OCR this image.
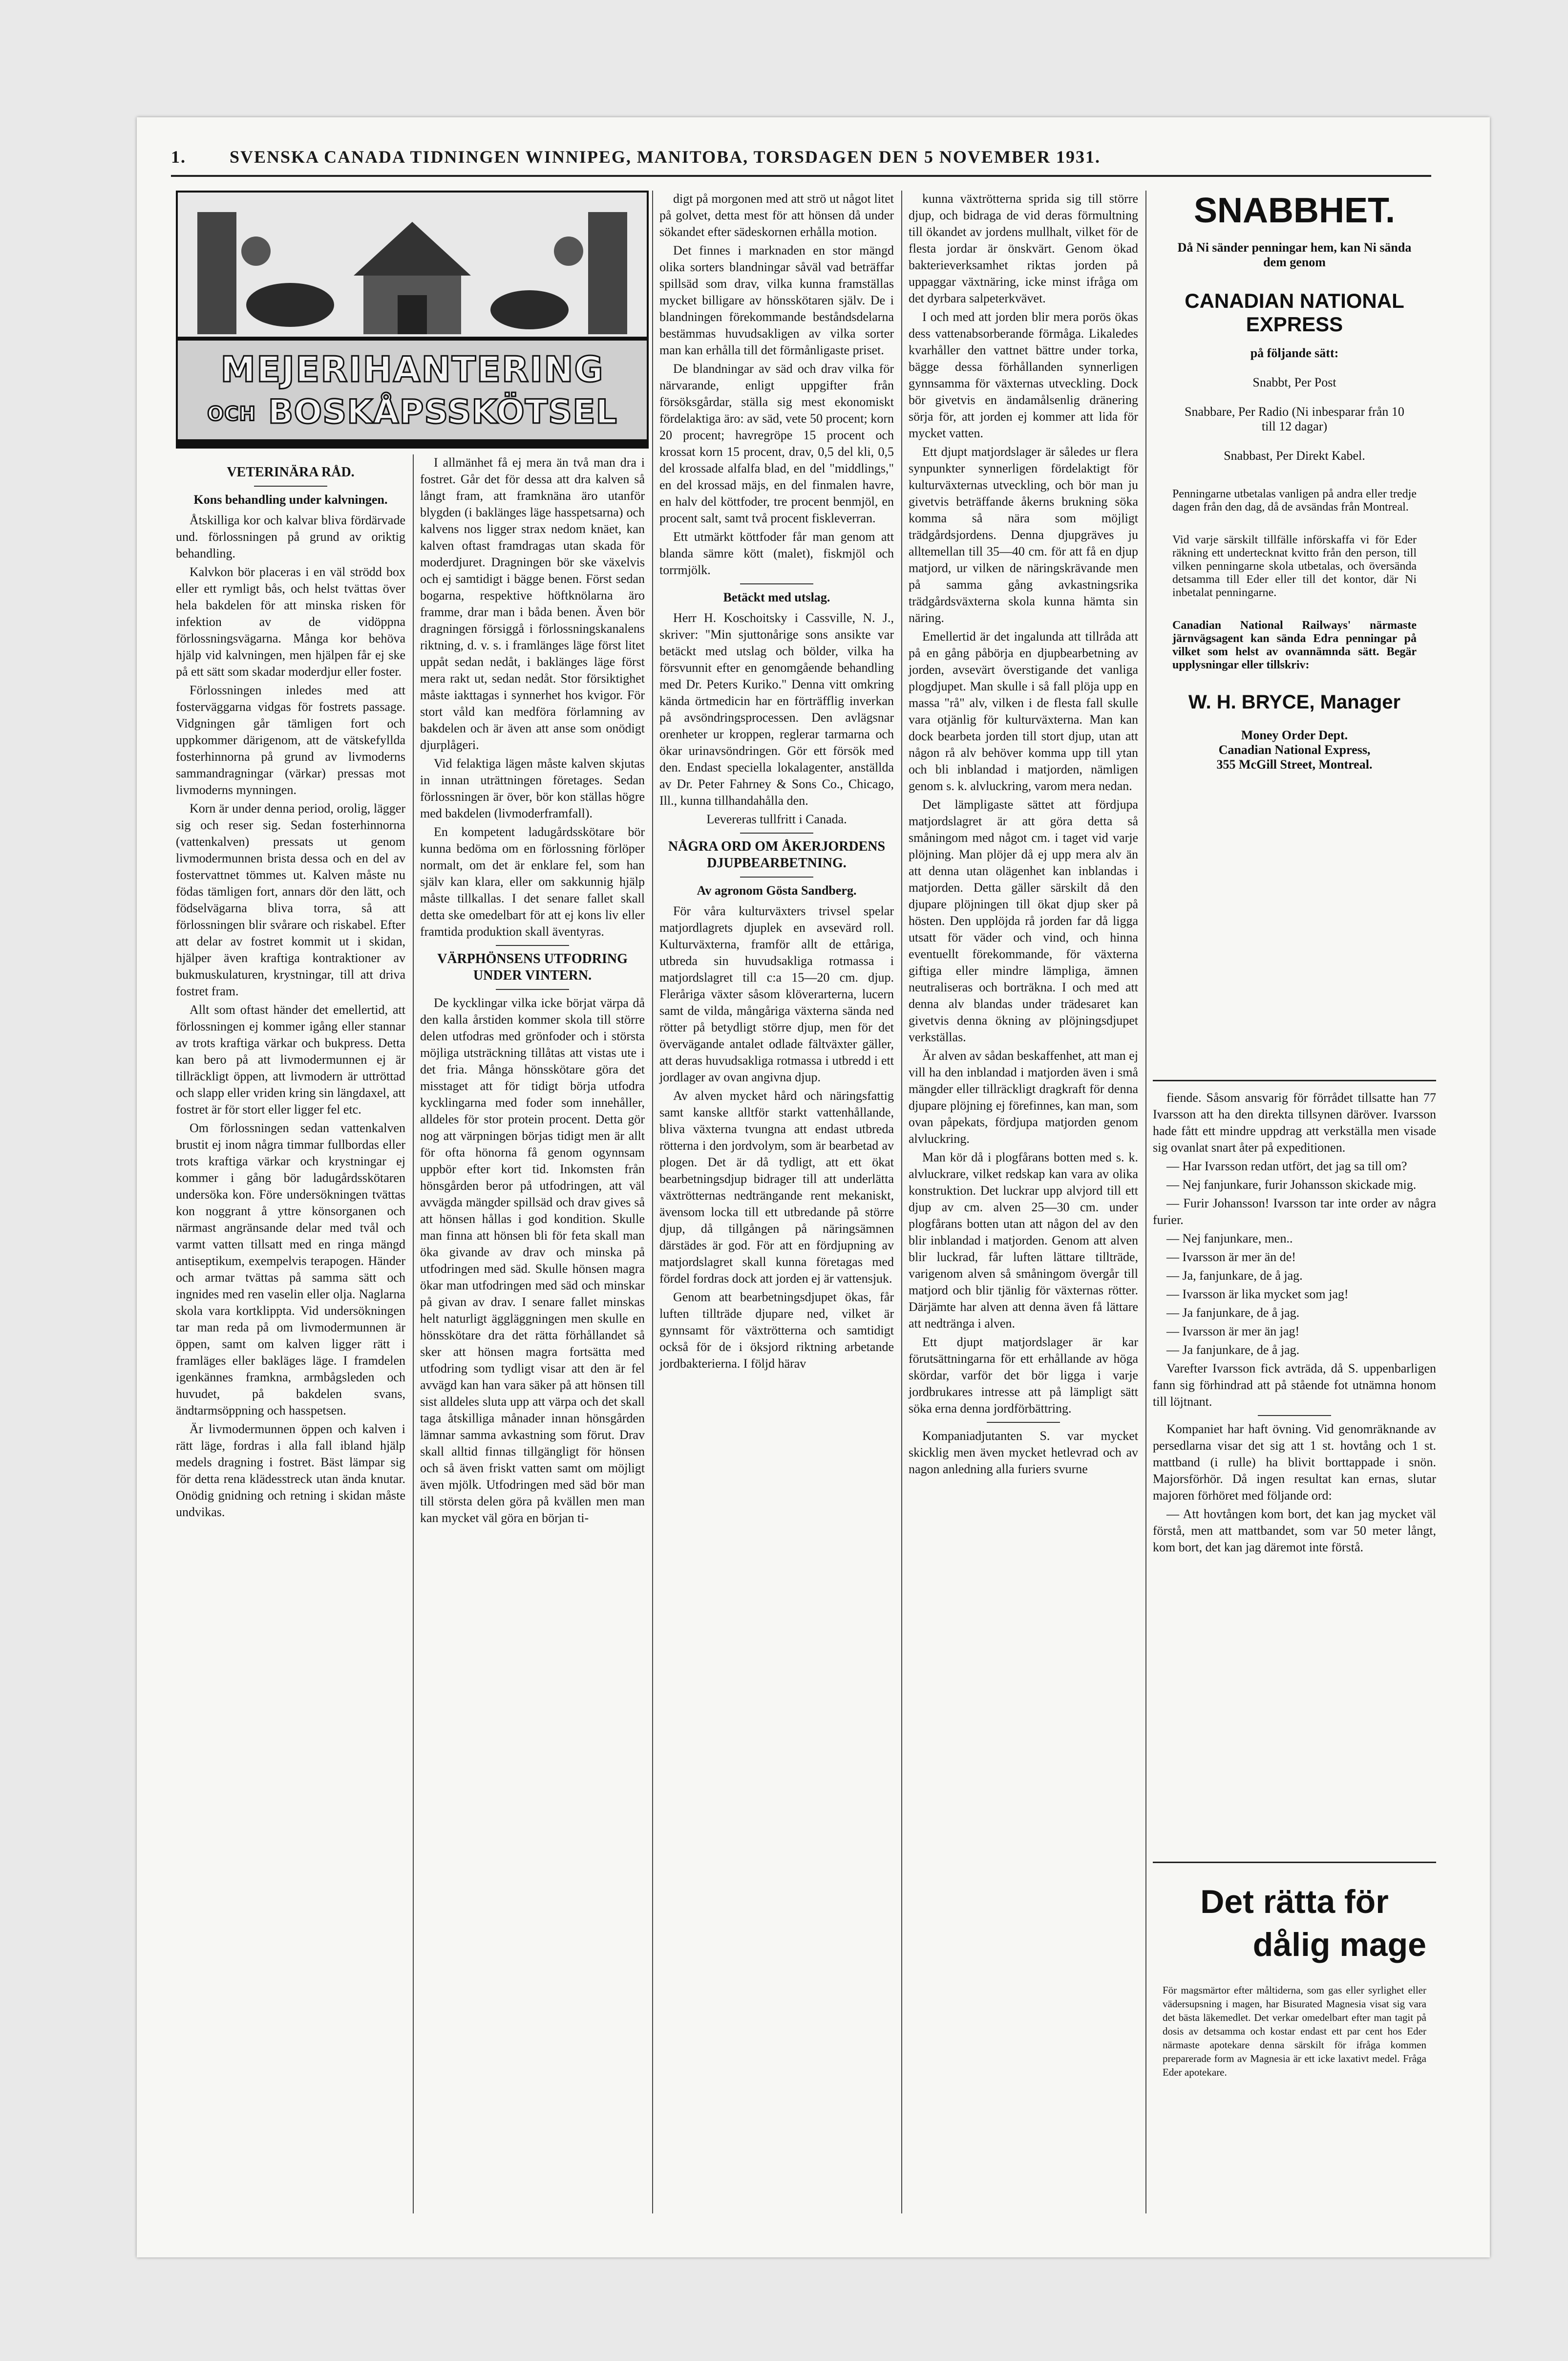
1. SVENSKA CANADA TIDNINGEN WINNIPEG, MANITOBA, TORSDAGEN DEN 5 NOVEMBER 1931.
MEJERIHANTERING
OCH BOSKÅPSSKÖTSEL
VETERINÄRA RÅD.
Kons behandling under kalvningen.

Åtskilliga kor och kalvar bliva fördärvade und. förlossningen på grund av oriktig behandling.

Kalvkon bör placeras i en väl strödd box eller ett rymligt bås, och helst tvättas över hela bakdelen för att minska risken för infektion av de vidöppna förlossningsvägarna. Många kor behöva hjälp vid kalvningen, men hjälpen får ej ske på ett sätt som skadar moderdjur eller foster.

Förlossningen inledes med att fosterväggarna vidgas för fostrets passage. Vidgningen går tämligen fort och uppkommer därigenom, att de vätskefyllda fosterhinnorna på grund av livmoderns sammandragningar (värkar) pressas mot livmoderns mynningen.

Korn är under denna period, orolig, lägger sig och reser sig. Sedan fosterhinnorna (vattenkalven) pressats ut genom livmodermunnen brista dessa och en del av fostervattnet tömmes ut. Kalven måste nu födas tämligen fort, annars dör den lätt, och födselvägarna bliva torra, så att förlossningen blir svårare och riskabel. Efter att delar av fostret kommit ut i skidan, hjälper även kraftiga kontraktioner av bukmuskulaturen, krystningar, till att driva fostret fram.

Allt som oftast händer det emellertid, att förlossningen ej kommer igång eller stannar av trots kraftiga värkar och bukpress. Detta kan bero på att livmodermunnen ej är tillräckligt öppen, att livmodern är uttröttad och slapp eller vriden kring sin längdaxel, att fostret är för stort eller ligger fel etc.

Om förlossningen sedan vattenkalven brustit ej inom några timmar fullbordas eller trots kraftiga värkar och krystningar ej kommer i gång bör ladugårdsskötaren undersöka kon. Före undersökningen tvättas kon noggrant å yttre könsorganen och närmast angränsande delar med tvål och varmt vatten tillsatt med en ringa mängd antiseptikum, exempelvis terapogen. Händer och armar tvättas på samma sätt och ingnides med ren vaselin eller olja. Naglarna skola vara kortklippta. Vid undersökningen tar man reda på om livmodermunnen är öppen, samt om kalven ligger rätt i framläges eller bakläges läge. I framdelen igenkännes framkna, armbågsleden och huvudet, på bakdelen svans, ändtarmsöppning och hasspetsen.

Är livmodermunnen öppen och kalven i rätt läge, fordras i alla fall ibland hjälp medels dragning i fostret. Bäst lämpar sig för detta rena klädesstreck utan ända knutar. Onödig gnidning och retning i skidan måste undvikas.

I allmänhet få ej mera än två man dra i fostret. Går det för dessa att dra kalven så långt fram, att framknäna äro utanför blygden (i baklänges läge hasspetsarna) och kalvens nos ligger strax nedom knäet, kan kalven oftast framdragas utan skada för moderdjuret. Dragningen bör ske växelvis och ej samtidigt i bägge benen. Först sedan bogarna, respektive höftknölarna äro framme, drar man i båda benen. Även bör dragningen försiggå i förlossningskanalens riktning, d. v. s. i framlänges läge först litet uppåt sedan nedåt, i baklänges läge först mera rakt ut, sedan nedåt. Stor försiktighet måste iakttagas i synnerhet hos kvigor. För stort våld kan medföra förlamning av bakdelen och är även att anse som onödigt djurplågeri.

Vid felaktiga lägen måste kalven skjutas in innan uträttningen företages. Sedan förlossningen är över, bör kon ställas högre med bakdelen (livmoderframfall).

En kompetent ladugårdsskötare bör kunna bedöma om en förlossning förlöper normalt, om det är enklare fel, som han själv kan klara, eller om sakkunnig hjälp måste tillkallas. I det senare fallet skall detta ske omedelbart för att ej kons liv eller framtida produktion skall äventyras.

VÄRPHÖNSENS UTFODRING UNDER VINTERN.

De kycklingar vilka icke börjat värpa då den kalla årstiden kommer skola till större delen utfodras med grönfoder och i största möjliga utsträckning tillåtas att vistas ute i det fria. Många hönsskötare göra det misstaget att för tidigt börja utfodra kycklingarna med foder som innehåller, alldeles för stor protein procent. Detta gör nog att värpningen börjas tidigt men är allt för ofta hönorna få genom ogynnsam uppbör efter kort tid. Inkomsten från hönsgården beror på utfodringen, att väl avvägda mängder spillsäd och drav gives så att hönsen hållas i god kondition. Skulle man finna att hönsen bli för feta skall man öka givande av drav och minska på utfodringen med säd. Skulle hönsen magra ökar man utfodringen med säd och minskar på givan av drav. I senare fallet minskas helt naturligt äggläggningen men skulle en hönsskötare dra det rätta förhållandet så sker att hönsen magra fortsätta med utfodring som tydligt visar att den är fel avvägd kan han vara säker på att hönsen till sist alldeles sluta upp att värpa och det skall taga åtskilliga månader innan hönsgården lämnar samma avkastning som förut. Drav skall alltid finnas tillgängligt för hönsen och så även friskt vatten samt om möjligt även mjölk. Utfodringen med säd bör man till största delen göra på kvällen men man kan mycket väl göra en början ti-

digt på morgonen med att strö ut något litet på golvet, detta mest för att hönsen då under sökandet efter sädeskornen erhålla motion.

Det finnes i marknaden en stor mängd olika sorters blandningar såväl vad beträffar spillsäd som drav, vilka kunna framställas mycket billigare av hönsskötaren själv. De i blandningen förekommande beståndsdelarna bestämmas huvudsakligen av vilka sorter man kan erhålla till det förmånligaste priset.

De blandningar av säd och drav vilka för närvarande, enligt uppgifter från försöksgårdar, ställa sig mest ekonomiskt fördelaktiga äro: av säd, vete 50 procent; korn 20 procent; havregröpe 15 procent och krossat korn 15 procent, drav, 0,5 del kli, 0,5 del krossade alfalfa blad, en del "middlings," en del krossad mäjs, en del finmalen havre, en halv del köttfoder, tre procent benmjöl, en procent salt, samt två procent fiskleverran.

Ett utmärkt köttfoder får man genom att blanda sämre kött (malet), fiskmjöl och torrmjölk.

Betäckt med utslag.

Herr H. Koschoitsky i Cassville, N. J., skriver: "Min sjuttonårige sons ansikte var betäckt med utslag och bölder, vilka ha försvunnit efter en genomgående behandling med Dr. Peters Kuriko." Denna vitt omkring kända örtmedicin har en förträfflig inverkan på avsöndringsprocessen. Den avlägsnar orenheter ur kroppen, reglerar tarmarna och ökar urinavsöndringen. Gör ett försök med den. Endast speciella lokalagenter, anställda av Dr. Peter Fahrney & Sons Co., Chicago, Ill., kunna tillhandahålla den.

Levereras tullfritt i Canada.

NÅGRA ORD OM ÅKERJORDENS DJUPBEARBETNING.
Av agronom Gösta Sandberg.

För våra kulturväxters trivsel spelar matjordlagrets djuplek en avsevärd roll. Kulturväxterna, framför allt de ettåriga, utbreda sin huvudsakliga rotmassa i matjordslagret till c:a 15—20 cm. djup. Fleråriga växter såsom klöverarterna, lucern samt de vilda, mångåriga växterna sända ned rötter på betydligt större djup, men för det övervägande antalet odlade fältväxter gäller, att deras huvudsakliga rotmassa i utbredd i ett jordlager av ovan angivna djup.

Av alven mycket hård och näringsfattig samt kanske alltför starkt vattenhållande, bliva växterna tvungna att endast utbreda rötterna i den jordvolym, som är bearbetad av plogen. Det är då tydligt, att ett ökat bearbetningsdjup bidrager till att underlätta växtrötternas nedträngande rent mekaniskt, ävensom locka till ett utbredande på större djup, då tillgången på näringsämnen därstädes är god. För att en fördjupning av matjordslagret skall kunna företagas med fördel fordras dock att jorden ej är vattensjuk.

Genom att bearbetningsdjupet ökas, får luften tillträde djupare ned, vilket är gynnsamt för växtrötterna och samtidigt också för de i öksjord riktning arbetande jordbakterierna. I följd härav

kunna växtrötterna sprida sig till större djup, och bidraga de vid deras förmultning till ökandet av jordens mullhalt, vilket för de flesta jordar är önskvärt. Genom ökad bakterieverksamhet riktas jorden på uppaggar växtnäring, icke minst ifråga om det dyrbara salpeterkvävet.

I och med att jorden blir mera porös ökas dess vattenabsorberande förmåga. Likaledes kvarhåller den vattnet bättre under torka, bägge dessa förhållanden synnerligen gynnsamma för växternas utveckling. Dock bör givetvis en ändamålsenlig dränering sörja för, att jorden ej kommer att lida för mycket vatten.

Ett djupt matjordslager är således ur flera synpunkter synnerligen fördelaktigt för kulturväxternas utveckling, och bör man ju givetvis beträffande åkerns brukning söka komma så nära som möjligt trädgårdsjordens. Denna djupgräves ju alltemellan till 35—40 cm. för att få en djup matjord, ur vilken de näringskrävande men på samma gång avkastningsrika trädgårdsväxterna skola kunna hämta sin näring.

Emellertid är det ingalunda att tillråda att på en gång påbörja en djupbearbetning av jorden, avsevärt överstigande det vanliga plogdjupet. Man skulle i så fall plöja upp en massa "rå" alv, vilken i de flesta fall skulle vara otjänlig för kulturväxterna. Man kan dock bearbeta jorden till stort djup, utan att någon rå alv behöver komma upp till ytan och bli inblandad i matjorden, nämligen genom s. k. alvluckring, varom mera nedan.

Det lämpligaste sättet att fördjupa matjordslagret är att göra detta så småningom med något cm. i taget vid varje plöjning. Man plöjer då ej upp mera alv än att denna utan olägenhet kan inblandas i matjorden. Detta gäller särskilt då den djupare plöjningen till ökat djup sker på hösten. Den upplöjda rå jorden far då ligga utsatt för väder och vind, och hinna eventuellt förekommande, för växterna giftiga eller mindre lämpliga, ämnen neutraliseras och borträkna. I och med att denna alv blandas under trädesaret kan givetvis denna ökning av plöjningsdjupet verkställas.

Är alven av sådan beskaffenhet, att man ej vill ha den inblandad i matjorden även i små mängder eller tillräckligt dragkraft för denna djupare plöjning ej förefinnes, kan man, som ovan påpekats, fördjupa matjorden genom alvluckring.

Man kör då i plogfårans botten med s. k. alvluckrare, vilket redskap kan vara av olika konstruktion. Det luckrar upp alvjord till ett djup av cm. alven 25—30 cm. under plogfårans botten utan att någon del av den blir inblandad i matjorden. Genom att alven blir luckrad, får luften lättare tillträde, varigenom alven så småningom övergår till matjord och blir tjänlig för växternas rötter. Därjämte har alven att denna även få lättare att nedtränga i alven.

Ett djupt matjordslager är kar förutsättningarna för ett erhållande av höga skördar, varför det bör ligga i varje jordbrukares intresse att på lämpligt sätt söka erna denna jordförbättring.

Kompaniadjutanten S. var mycket skicklig men även mycket hetlevrad och av nagon anledning alla furiers svurne

SNABBHET.
Då Ni sänder penningar hem, kan Ni sända dem genom
CANADIAN NATIONAL EXPRESS
på följande sätt:
Snabbt, Per Post
Snabbare, Per Radio (Ni inbesparar från 10 till 12 dagar)
Snabbast, Per Direkt Kabel.
Penningarne utbetalas vanligen på andra eller tredje dagen från den dag, då de avsändas från Montreal.
Vid varje särskilt tillfälle införskaffa vi för Eder räkning ett undertecknat kvitto från den person, till vilken penningarne skola utbetalas, och översända detsamma till Eder eller till det kontor, där Ni inbetalat penningarne.
Canadian National Railways' närmaste järnvägsagent kan sända Edra penningar på vilket som helst av ovannämnda sätt. Begär upplysningar eller tillskriv:
W. H. BRYCE, Manager
Money Order Dept.
Canadian National Express,
355 McGill Street, Montreal.

fiende. Såsom ansvarig för förrådet tillsatte han 77 Ivarsson att ha den direkta tillsynen däröver. Ivarsson hade fått ett mindre uppdrag att verkställa men visade sig ovanlat snart åter på expeditionen.

— Har Ivarsson redan utfört, det jag sa till om?

— Nej fanjunkare, furir Johansson skickade mig.

— Furir Johansson! Ivarsson tar inte order av några furier.

— Nej fanjunkare, men..

— Ivarsson är mer än de!

— Ja, fanjunkare, de å jag.

— Ivarsson är lika mycket som jag!

— Ja fanjunkare, de å jag.

— Ivarsson är mer än jag!

— Ja fanjunkare, de å jag.

Varefter Ivarsson fick avträda, då S. uppenbarligen fann sig förhindrad att på stående fot utnämna honom till löjtnant.

Kompaniet har haft övning. Vid genomräknande av persedlarna visar det sig att 1 st. hovtång och 1 st. mattband (i rulle) ha blivit borttappade i snön. Majorsförhör. Då ingen resultat kan ernas, slutar majoren förhöret med följande ord:

— Att hovtången kom bort, det kan jag mycket väl förstå, men att mattbandet, som var 50 meter långt, kom bort, det kan jag däremot inte förstå.

Det rätta för
dålig mage
För magsmärtor efter måltiderna, som gas eller syrlighet eller vädersupsning i magen, har Bisurated Magnesia visat sig vara det bästa läkemedlet. Det verkar omedelbart efter man tagit på dosis av detsamma och kostar endast ett par cent hos Eder närmaste apotekare denna särskilt för ifråga kommen preparerade form av Magnesia är ett icke laxativt medel. Fråga Eder apotekare.
